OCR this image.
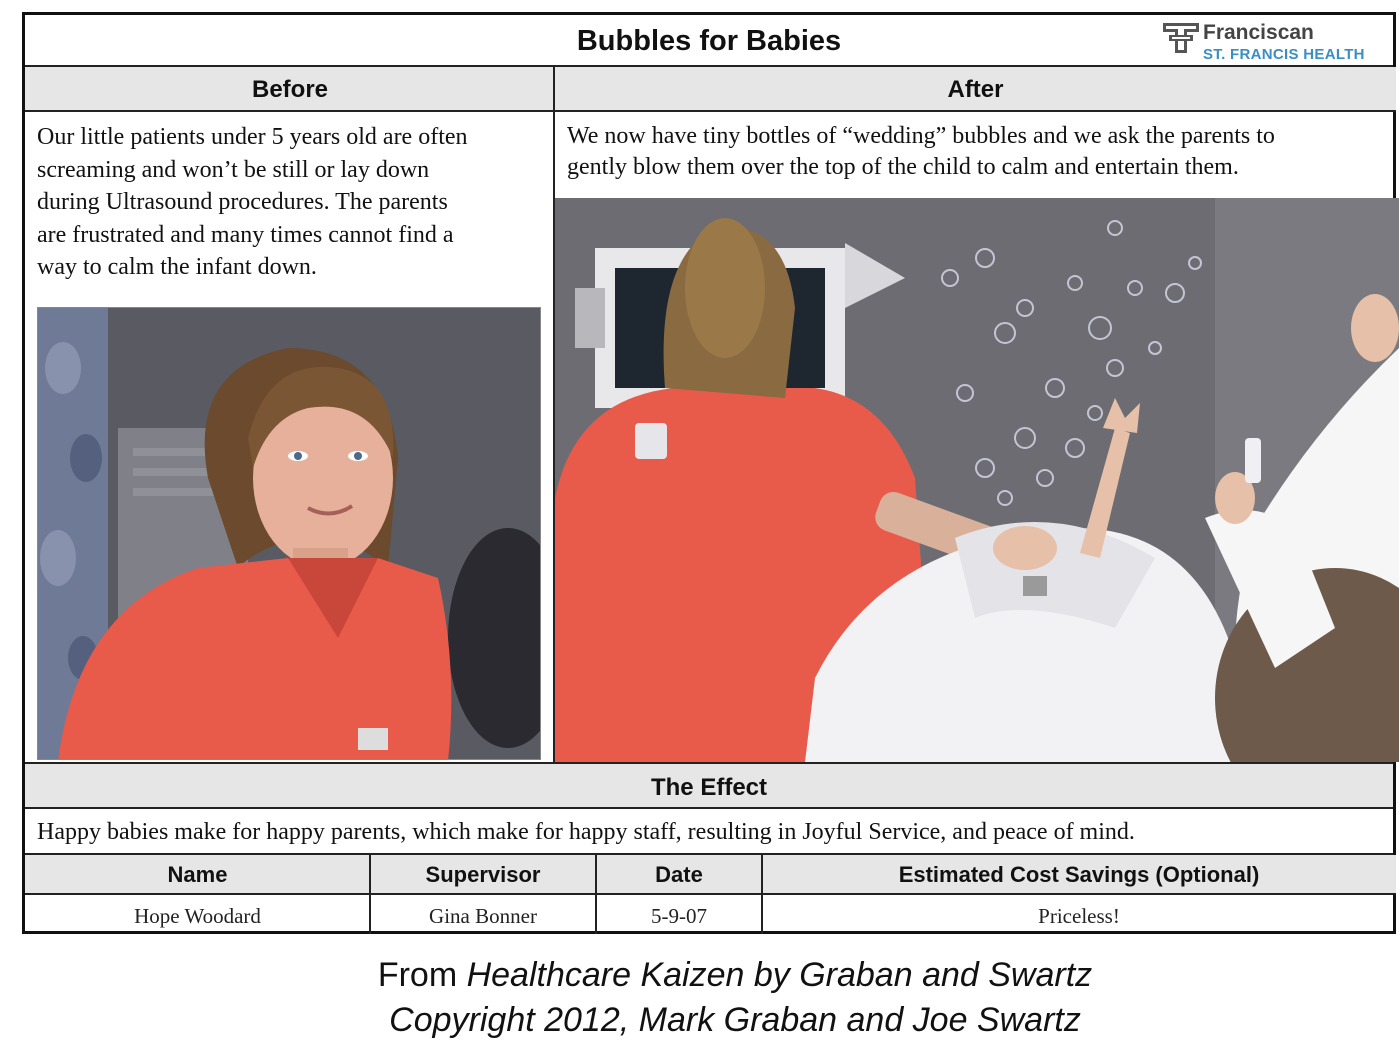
Bubbles for Babies	Franciscan
ST. FRANCIS HEALTH
Before	After
Our little patients under 5 years old are often
screaming and won’t be still or lay down
during Ultrasound procedures. The parents
are frustrated and many times cannot find a
way to calm the infant down.
We now have tiny bottles of “wedding” bubbles and we ask the parents to
gently blow them over the top of the child to calm and entertain them.
The Effect
Happy babies make for happy parents, which make for happy staff, resulting in Joyful Service, and peace of mind.
Name	Supervisor	Date	Estimated Cost Savings (Optional)
Hope Woodard	Gina Bonner	5-9-07	Priceless!
From Healthcare Kaizen by Graban and Swartz
Copyright 2012, Mark Graban and Joe Swartz
